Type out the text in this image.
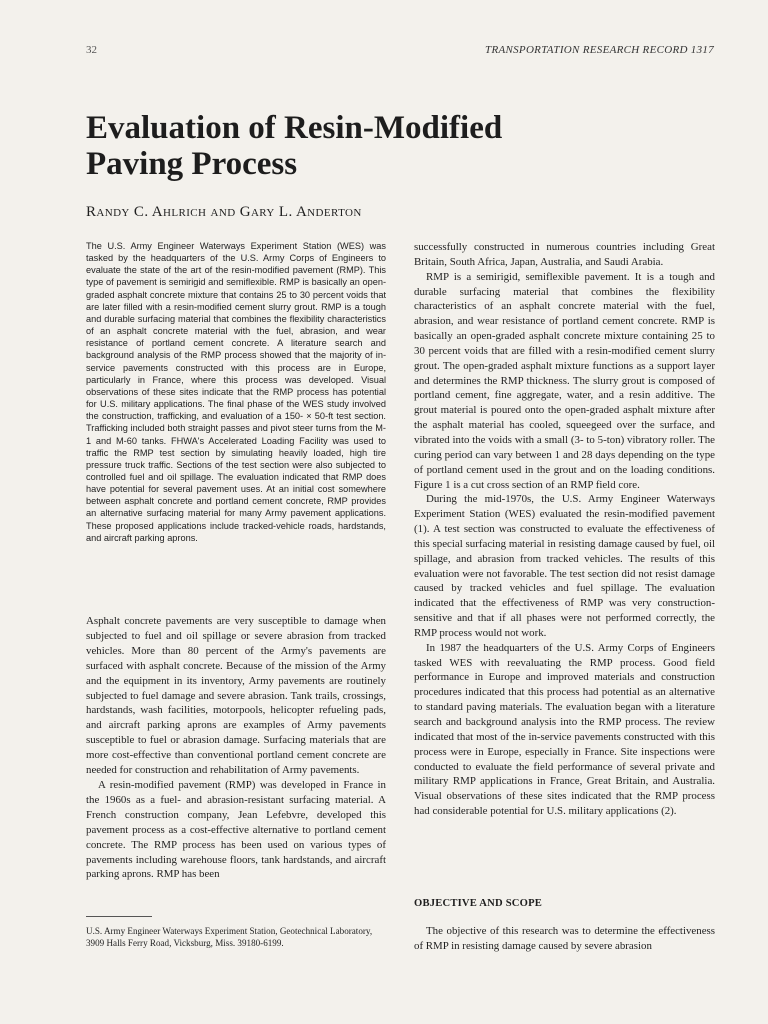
32	TRANSPORTATION RESEARCH RECORD 1317
Evaluation of Resin-Modified Paving Process

Randy C. Ahlrich and Gary L. Anderton

The U.S. Army Engineer Waterways Experiment Station (WES) was tasked by the headquarters of the U.S. Army Corps of Engineers to evaluate the state of the art of the resin-modified pavement (RMP). This type of pavement is semirigid and semiflexible. RMP is basically an open-graded asphalt concrete mixture that contains 25 to 30 percent voids that are later filled with a resin-modified cement slurry grout. RMP is a tough and durable surfacing material that combines the flexibility characteristics of an asphalt concrete material with the fuel, abrasion, and wear resistance of portland cement concrete. A literature search and background analysis of the RMP process showed that the majority of in-service pavements constructed with this process are in Europe, particularly in France, where this process was developed. Visual observations of these sites indicate that the RMP process has potential for U.S. military applications. The final phase of the WES study involved the construction, trafficking, and evaluation of a 150- × 50-ft test section. Trafficking included both straight passes and pivot steer turns from the M-1 and M-60 tanks. FHWA's Accelerated Loading Facility was used to traffic the RMP test section by simulating heavily loaded, high tire pressure truck traffic. Sections of the test section were also subjected to controlled fuel and oil spillage. The evaluation indicated that RMP does have potential for several pavement uses. At an initial cost somewhere between asphalt concrete and portland cement concrete, RMP provides an alternative surfacing material for many Army pavement applications. These proposed applications include tracked-vehicle roads, hardstands, and aircraft parking aprons.

Asphalt concrete pavements are very susceptible to damage when subjected to fuel and oil spillage or severe abrasion from tracked vehicles. More than 80 percent of the Army's pavements are surfaced with asphalt concrete. Because of the mission of the Army and the equipment in its inventory, Army pavements are routinely subjected to fuel damage and severe abrasion. Tank trails, crossings, hardstands, wash facilities, motorpools, helicopter refueling pads, and aircraft parking aprons are examples of Army pavements susceptible to fuel or abrasion damage. Surfacing materials that are more cost-effective than conventional portland cement concrete are needed for construction and rehabilitation of Army pavements.

A resin-modified pavement (RMP) was developed in France in the 1960s as a fuel- and abrasion-resistant surfacing material. A French construction company, Jean Lefebvre, developed this pavement process as a cost-effective alternative to portland cement concrete. The RMP process has been used on various types of pavements including warehouse floors, tank hardstands, and aircraft parking aprons. RMP has been

U.S. Army Engineer Waterways Experiment Station, Geotechnical Laboratory, 3909 Halls Ferry Road, Vicksburg, Miss. 39180-6199.

successfully constructed in numerous countries including Great Britain, South Africa, Japan, Australia, and Saudi Arabia.

RMP is a semirigid, semiflexible pavement. It is a tough and durable surfacing material that combines the flexibility characteristics of an asphalt concrete material with the fuel, abrasion, and wear resistance of portland cement concrete. RMP is basically an open-graded asphalt concrete mixture containing 25 to 30 percent voids that are filled with a resin-modified cement slurry grout. The open-graded asphalt mixture functions as a support layer and determines the RMP thickness. The slurry grout is composed of portland cement, fine aggregate, water, and a resin additive. The grout material is poured onto the open-graded asphalt mixture after the asphalt material has cooled, squeegeed over the surface, and vibrated into the voids with a small (3- to 5-ton) vibratory roller. The curing period can vary between 1 and 28 days depending on the type of portland cement used in the grout and on the loading conditions. Figure 1 is a cut cross section of an RMP field core.

During the mid-1970s, the U.S. Army Engineer Waterways Experiment Station (WES) evaluated the resin-modified pavement (1). A test section was constructed to evaluate the effectiveness of this special surfacing material in resisting damage caused by fuel, oil spillage, and abrasion from tracked vehicles. The results of this evaluation were not favorable. The test section did not resist damage caused by tracked vehicles and fuel spillage. The evaluation indicated that the effectiveness of RMP was very construction-sensitive and that if all phases were not performed correctly, the RMP process would not work.

In 1987 the headquarters of the U.S. Army Corps of Engineers tasked WES with reevaluating the RMP process. Good field performance in Europe and improved materials and construction procedures indicated that this process had potential as an alternative to standard paving materials. The evaluation began with a literature search and background analysis into the RMP process. The review indicated that most of the in-service pavements constructed with this process were in Europe, especially in France. Site inspections were conducted to evaluate the field performance of several private and military RMP applications in France, Great Britain, and Australia. Visual observations of these sites indicated that the RMP process had considerable potential for U.S. military applications (2).

OBJECTIVE AND SCOPE

The objective of this research was to determine the effectiveness of RMP in resisting damage caused by severe abrasion
